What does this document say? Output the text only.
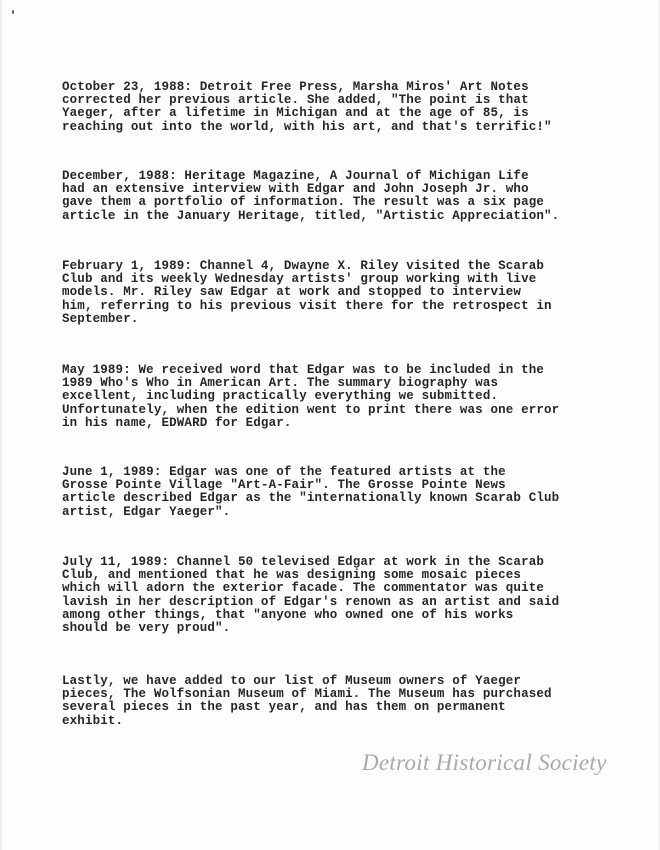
October 23, 1988: Detroit Free Press, Marsha Miros' Art Notes
corrected her previous article. She added, "The point is that
Yaeger, after a lifetime in Michigan and at the age of 85, is
reaching out into the world, with his art, and that's terrific!"
December, 1988: Heritage Magazine, A Journal of Michigan Life
had an extensive interview with Edgar and John Joseph Jr. who
gave them a portfolio of information. The result was a six page
article in the January Heritage, titled, "Artistic Appreciation".
February 1, 1989: Channel 4, Dwayne X. Riley visited the Scarab
Club and its weekly Wednesday artists' group working with live
models. Mr. Riley saw Edgar at work and stopped to interview
him, referring to his previous visit there for the retrospect in
September.
May 1989: We received word that Edgar was to be included in the
1989 Who's Who in American Art. The summary biography was
excellent, including practically everything we submitted.
Unfortunately, when the edition went to print there was one error
in his name, EDWARD for Edgar.
June 1, 1989: Edgar was one of the featured artists at the
Grosse Pointe Village "Art-A-Fair". The Grosse Pointe News
article described Edgar as the "internationally known Scarab Club
artist, Edgar Yaeger".
July 11, 1989: Channel 50 televised Edgar at work in the Scarab
Club, and mentioned that he was designing some mosaic pieces
which will adorn the exterior facade. The commentator was quite
lavish in her description of Edgar's renown as an artist and said
among other things, that "anyone who owned one of his works
should be very proud".
Lastly, we have added to our list of Museum owners of Yaeger
pieces, The Wolfsonian Museum of Miami. The Museum has purchased
several pieces in the past year, and has them on permanent
exhibit.
Detroit Historical Society
